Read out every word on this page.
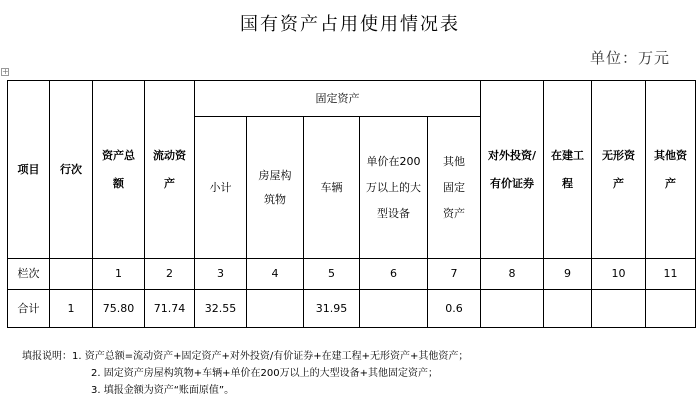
国有资产占用使用情况表
单位：万元
+
项目	行次	资产总额	流动资产	固定资产					对外投资/有价证券	在建工程	无形资产	其他资产
				小计	房屋构筑物	车辆	单价在200万以上的大型设备	其他固定资产				
栏次		1	2	3	4	5	6	7	8	9	10	11
合计	1	75.80	71.74	32.55		31.95		0.6				
填报说明：1. 资产总额=流动资产+固定资产+对外投资/有价证券+在建工程+无形资产+其他资产；
2. 固定资产房屋构筑物+车辆+单价在200万以上的大型设备+其他固定资产；
3. 填报金额为资产“账面原值”。
